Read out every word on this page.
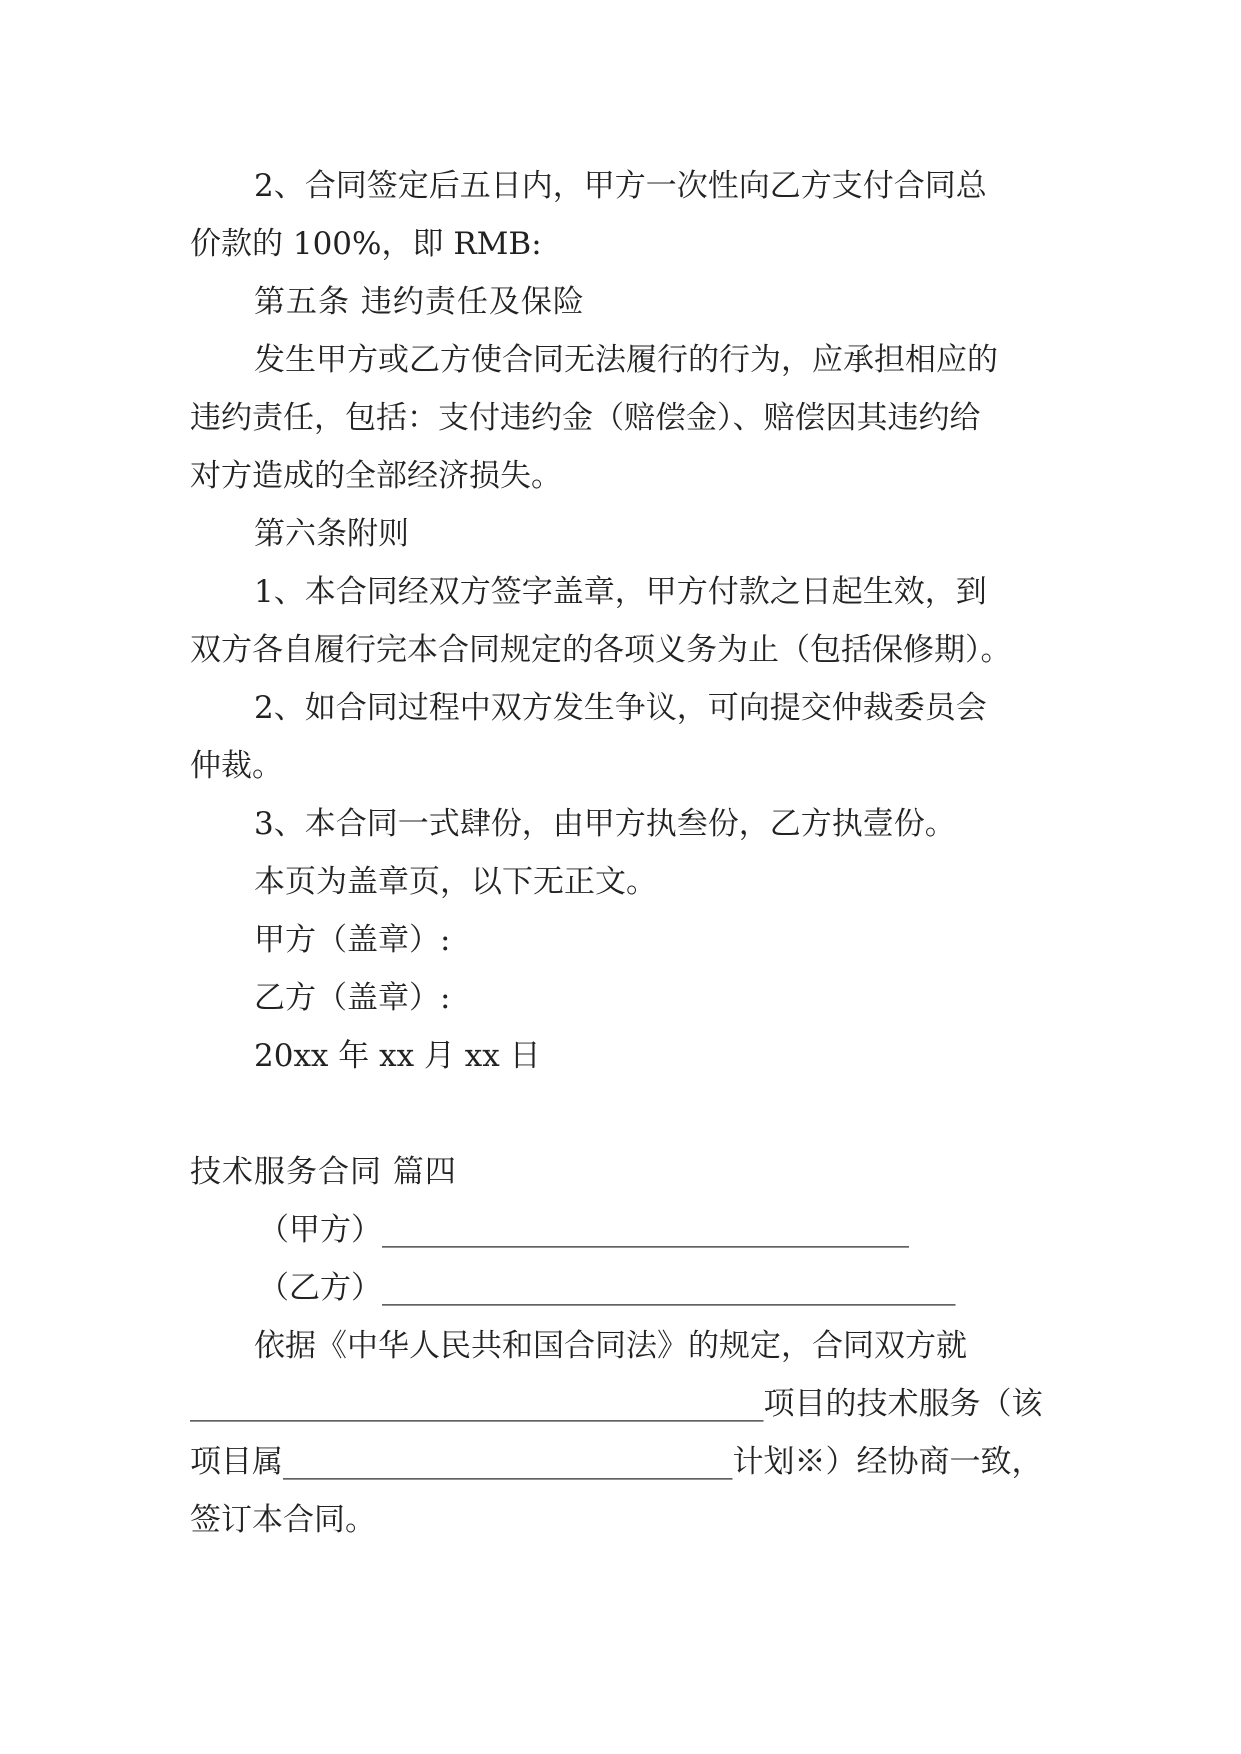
2、合同签定后五日内，甲方一次性向乙方支付合同总

价款的 100%，即 RMB:

第五条 违约责任及保险

发生甲方或乙方使合同无法履行的行为，应承担相应的

违约责任，包括：支付违约金（赔偿金）、赔偿因其违约给

对方造成的全部经济损失。

第六条附则

1、本合同经双方签字盖章，甲方付款之日起生效，到

双方各自履行完本合同规定的各项义务为止（包括保修期）。

2、如合同过程中双方发生争议，可向提交仲裁委员会

仲裁。

3、本合同一式肆份，由甲方执叁份，乙方执壹份。

本页为盖章页，以下无正文。

甲方（盖章）:

乙方（盖章）:

20xx 年 xx 月 xx 日

技术服务合同 篇四

（甲方）__________________________________

（乙方）_____________________________________

依据《中华人民共和国合同法》的规定，合同双方就

_____________________________________项目的技术服务（该

项目属_____________________________计划※）经协商一致，

签订本合同。
